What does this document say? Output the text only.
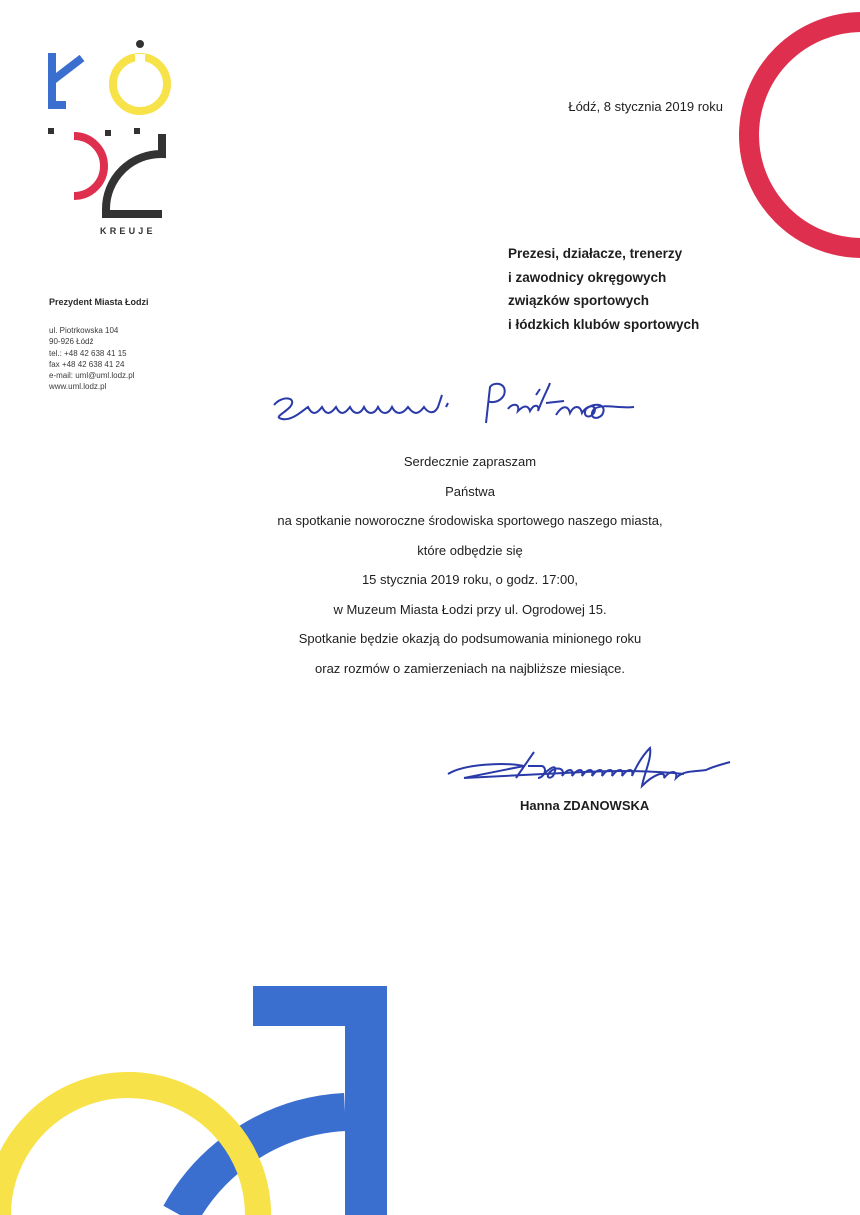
KREUJE
Prezydent Miasta Łodzi
ul. Piotrkowska 104
90-926 Łódź
tel.: +48 42 638 41 15
fax +48 42 638 41 24
e-mail: uml@uml.lodz.pl
www.uml.lodz.pl
Łódź, 8 stycznia 2019 roku
Prezesi, działacze, trenerzy
i zawodnicy okręgowych
związków sportowych
i łódzkich klubów sportowych
Serdecznie zapraszam
Państwa
na spotkanie noworoczne środowiska sportowego naszego miasta,
które odbędzie się
15 stycznia 2019 roku, o godz. 17:00,
w Muzeum Miasta Łodzi przy ul. Ogrodowej 15.
Spotkanie będzie okazją do podsumowania minionego roku
oraz rozmów o zamierzeniach na najbliższe miesiące.
Hanna ZDANOWSKA
